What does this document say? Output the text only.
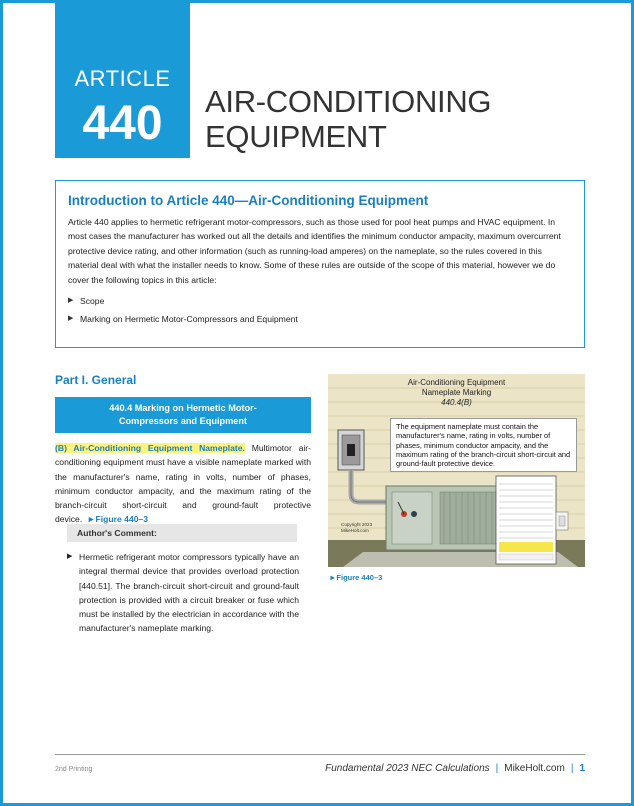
ARTICLE
440	AIR-CONDITIONING
EQUIPMENT
Introduction to Article 440—Air-Conditioning Equipment
Article 440 applies to hermetic refrigerant motor-compressors, such as those used for pool heat pumps and HVAC equipment. In most cases the manufacturer has worked out all the details and identifies the minimum conductor ampacity, maximum overcurrent protective device rating, and other information (such as running-load amperes) on the nameplate, so the rules covered in this material deal with what the installer needs to know. Some of these rules are outside of the scope of this material, however we do cover the following topics in this article:
▶ Scope
▶ Marking on Hermetic Motor-Compressors and Equipment
Part I. General
440.4 Marking on Hermetic Motor-
Compressors and Equipment
(B) Air-Conditioning Equipment Nameplate. Multimotor air-conditioning equipment must have a visible nameplate marked with the manufacturer's name, rating in volts, number of phases, minimum conductor ampacity, and the maximum rating of the branch-circuit short-circuit and ground-fault protective device. ►Figure 440–3
Author's Comment:
▶ Hermetic refrigerant motor compressors typically have an integral thermal device that provides overload protection [440.51]. The branch-circuit short-circuit and ground-fault protection is provided with a circuit breaker or fuse which must be installed by the electrician in accordance with the manufacturer's nameplate marking.
Air-Conditioning Equipment
Nameplate Marking
440.4(B)
The equipment nameplate must contain the manufacturer's name, rating in volts, number of phases, minimum conductor ampacity, and the maximum rating of the branch-circuit short-circuit and ground-fault protective device.
Copyright 2023
MikeHolt.com
►Figure 440–3
2nd Printing	Fundamental 2023 NEC Calculations | MikeHolt.com | 1
